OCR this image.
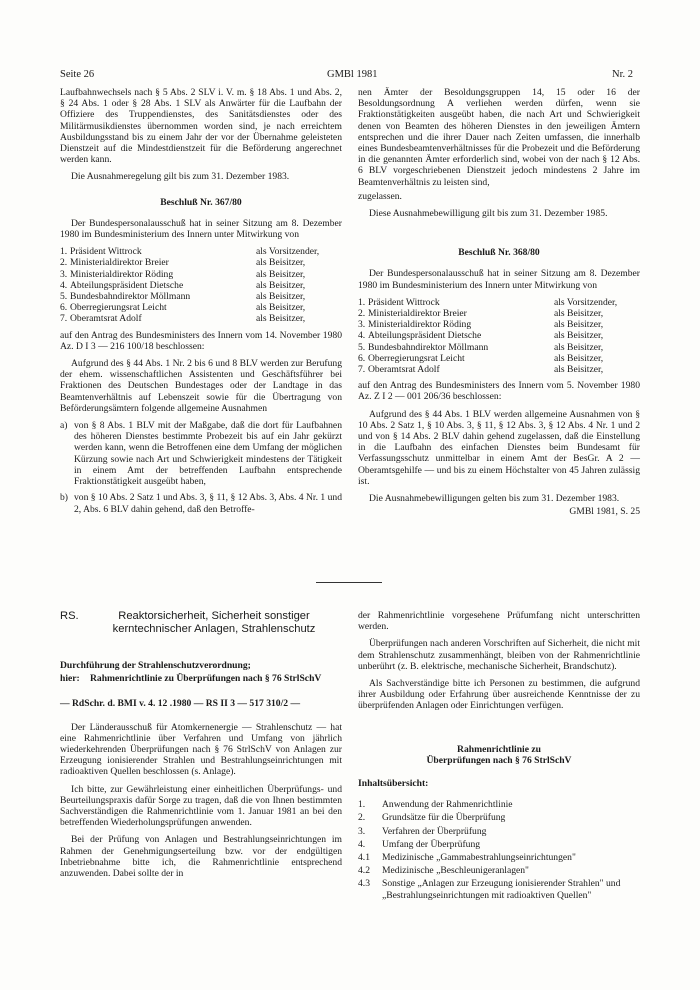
Seite 26	GMBl 1981	Nr. 2

Laufbahnwechsels nach § 5 Abs. 2 SLV i. V. m. § 18 Abs. 1 und Abs. 2, § 24 Abs. 1 oder § 28 Abs. 1 SLV als Anwärter für die Laufbahn der Offiziere des Truppendienstes, des Sanitätsdienstes oder des Militärmusikdienstes übernommen worden sind, je nach erreichtem Ausbildungsstand bis zu einem Jahr der vor der Übernahme geleisteten Dienstzeit auf die Mindestdienstzeit für die Beförderung angerechnet werden kann.

Die Ausnahmeregelung gilt bis zum 31. Dezember 1983.

Beschluß Nr. 367/80

Der Bundespersonalausschuß hat in seiner Sitzung am 8. Dezember 1980 im Bundesministerium des Innern unter Mitwirkung von

1.	Präsident Wittrock	als Vorsitzender,
2.	Ministerialdirektor Breier	als Beisitzer,
3.	Ministerialdirektor Röding	als Beisitzer,
4.	Abteilungspräsident Dietsche	als Beisitzer,
5.	Bundesbahndirektor Möllmann	als Beisitzer,
6.	Oberregierungsrat Leicht	als Beisitzer,
7.	Oberamtsrat Adolf	als Beisitzer,

auf den Antrag des Bundesministers des Innern vom 14. November 1980 Az. D I 3 — 216 100/18 beschlossen:

Aufgrund des § 44 Abs. 1 Nr. 2 bis 6 und 8 BLV werden zur Berufung der ehem. wissenschaftlichen Assistenten und Geschäftsführer bei Fraktionen des Deutschen Bundestages oder der Landtage in das Beamtenverhältnis auf Lebenszeit sowie für die Übertragung von Beförderungsämtern folgende allgemeine Ausnahmen

a) von § 8 Abs. 1 BLV mit der Maßgabe, daß die dort für Laufbahnen des höheren Dienstes bestimmte Probezeit bis auf ein Jahr gekürzt werden kann, wenn die Betroffenen eine dem Umfang der möglichen Kürzung sowie nach Art und Schwierigkeit mindestens der Tätigkeit in einem Amt der betreffenden Laufbahn entsprechende Fraktionstätigkeit ausgeübt haben,
b) von § 10 Abs. 2 Satz 1 und Abs. 3, § 11, § 12 Abs. 3, Abs. 4 Nr. 1 und 2, Abs. 6 BLV dahin gehend, daß den Betroffe-

nen Ämter der Besoldungsgruppen 14, 15 oder 16 der Besoldungsordnung A verliehen werden dürfen, wenn sie Fraktionstätigkeiten ausgeübt haben, die nach Art und Schwierigkeit denen von Beamten des höheren Dienstes in den jeweiligen Ämtern entsprechen und die ihrer Dauer nach Zeiten umfassen, die innerhalb eines Bundesbeamtenverhältnisses für die Probezeit und die Beförderung in die genannten Ämter erforderlich sind, wobei von der nach § 12 Abs. 6 BLV vorgeschriebenen Dienstzeit jedoch mindestens 2 Jahre im Beamtenverhältnis zu leisten sind,

zugelassen.

Diese Ausnahmebewilligung gilt bis zum 31. Dezember 1985.

Beschluß Nr. 368/80

Der Bundespersonalausschuß hat in seiner Sitzung am 8. Dezember 1980 im Bundesministerium des Innern unter Mitwirkung von

1.	Präsident Wittrock	als Vorsitzender,
2.	Ministerialdirektor Breier	als Beisitzer,
3.	Ministerialdirektor Röding	als Beisitzer,
4.	Abteilungspräsident Dietsche	als Beisitzer,
5.	Bundesbahndirektor Möllmann	als Beisitzer,
6.	Oberregierungsrat Leicht	als Beisitzer,
7.	Oberamtsrat Adolf	als Beisitzer,

auf den Antrag des Bundesministers des Innern vom 5. November 1980 Az. Z I 2 — 001 206/36 beschlossen:

Aufgrund des § 44 Abs. 1 BLV werden allgemeine Ausnahmen von § 10 Abs. 2 Satz 1, § 10 Abs. 3, § 11, § 12 Abs. 3, § 12 Abs. 4 Nr. 1 und 2 und von § 14 Abs. 2 BLV dahin gehend zugelassen, daß die Einstellung in die Laufbahn des einfachen Dienstes beim Bundesamt für Verfassungsschutz unmittelbar in einem Amt der BesGr. A 2 — Oberamtsgehilfe — und bis zu einem Höchstalter von 45 Jahren zulässig ist.

Die Ausnahmebewilligungen gelten bis zum 31. Dezember 1983.

GMBl 1981, S. 25

RS.	Reaktorsicherheit, Sicherheit sonstiger kerntechnischer Anlagen, Strahlenschutz

Durchführung der Strahlenschutzverordnung;

hier:	Rahmenrichtlinie zu Überprüfungen nach § 76 StrlSchV

— RdSchr. d. BMI v. 4. 12 .1980 — RS II 3 — 517 310/2 —

Der Länderausschuß für Atomkernenergie — Strahlenschutz — hat eine Rahmenrichtlinie über Verfahren und Umfang von jährlich wiederkehrenden Überprüfungen nach § 76 StrlSchV von Anlagen zur Erzeugung ionisierender Strahlen und Bestrahlungseinrichtungen mit radioaktiven Quellen beschlossen (s. Anlage).

Ich bitte, zur Gewährleistung einer einheitlichen Überprüfungs- und Beurteilungspraxis dafür Sorge zu tragen, daß die von Ihnen bestimmten Sachverständigen die Rahmenrichtlinie vom 1. Januar 1981 an bei den betreffenden Wiederholungsprüfungen anwenden.

Bei der Prüfung von Anlagen und Bestrahlungseinrichtungen im Rahmen der Genehmigungserteilung bzw. vor der endgültigen Inbetriebnahme bitte ich, die Rahmenrichtlinie entsprechend anzuwenden. Dabei sollte der in

der Rahmenrichtlinie vorgesehene Prüfumfang nicht unterschritten werden.

Überprüfungen nach anderen Vorschriften auf Sicherheit, die nicht mit dem Strahlenschutz zusammenhängt, bleiben von der Rahmenrichtlinie unberührt (z. B. elektrische, mechanische Sicherheit, Brandschutz).

Als Sachverständige bitte ich Personen zu bestimmen, die aufgrund ihrer Ausbildung oder Erfahrung über ausreichende Kenntnisse der zu überprüfenden Anlagen oder Einrichtungen verfügen.

Rahmenrichtlinie zu

Überprüfungen nach § 76 StrlSchV

Inhaltsübersicht:

1.	Anwendung der Rahmenrichtlinie
2.	Grundsätze für die Überprüfung
3.	Verfahren der Überprüfung
4.	Umfang der Überprüfung
4.1	Medizinische „Gammabestrahlungseinrichtungen"
4.2	Medizinische „Beschleunigeranlagen"
4.3	Sonstige „Anlagen zur Erzeugung ionisierender Strahlen" und „Bestrahlungseinrichtungen mit radioaktiven Quellen"
